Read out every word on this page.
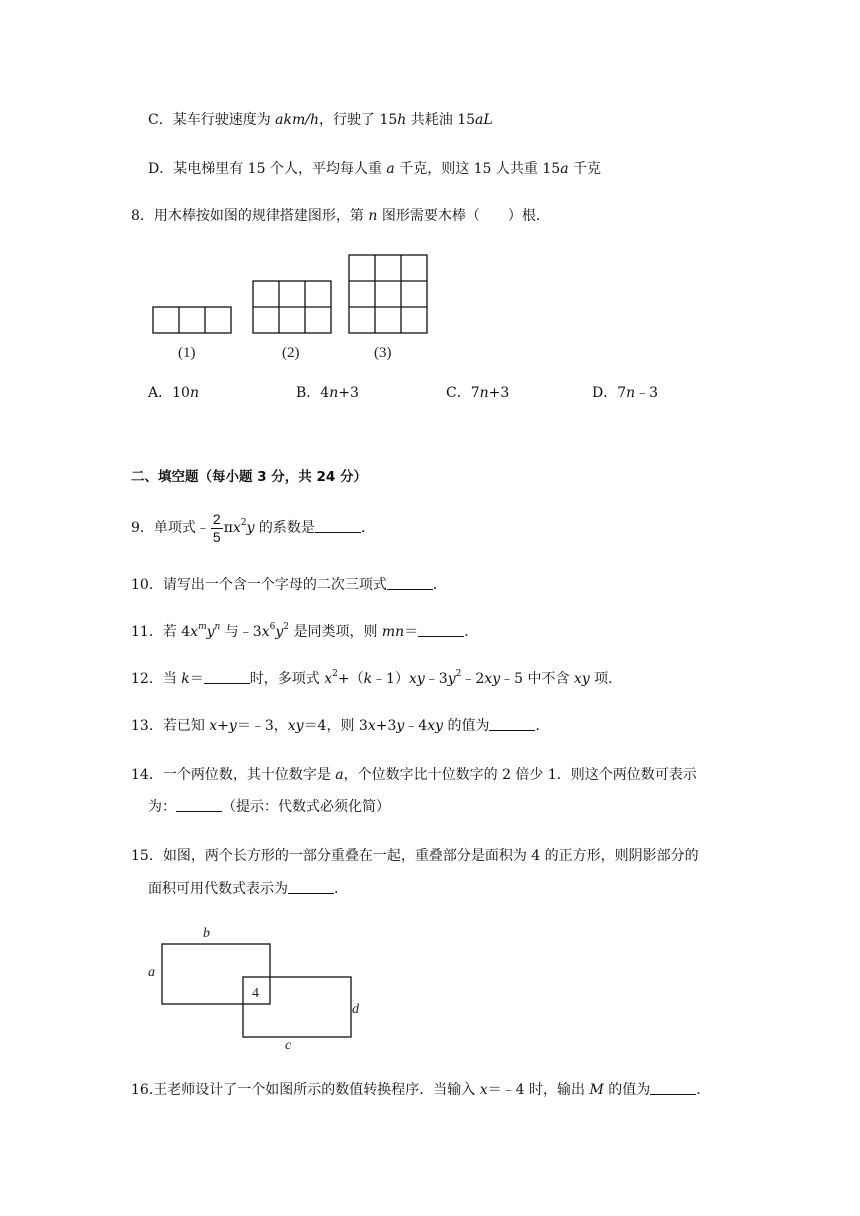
C．某车行驶速度为 akm/h，行驶了 15h 共耗油 15aL
D．某电梯里有 15 个人，平均每人重 a 千克，则这 15 人共重 15a 千克
8．用木棒按如图的规律搭建图形，第 n 图形需要木棒（　　）根．
(1)	(2)	(3)
A．10n	B．4n+3	C．7n+3	D．7n﹣3
二、填空题（每小题 3 分，共 24 分）
9．单项式﹣ $\frac{2}{5} \pi x^2y$ 的系数是	．
10．请写出一个含一个字母的二次三项式	．
11．若 $4x^my^n$ 与$﹣3x^6y^2$ 是同类项，则 mn＝	．
12．当 k＝	时，多项式 $x^2+(k﹣1)xy﹣3y^2﹣2xy﹣5$ 中不含 xy 项．
13．若已知 x+y＝﹣3，xy＝4，则 3x+3y﹣4xy 的值为	．
14．一个两位数，其十位数字是 a，个位数字比十位数字的 2 倍少 1．则这个两位数可表示
为：	（提示：代数式必须化简）
15．如图，两个长方形的一部分重叠在一起，重叠部分是面积为 4 的正方形，则阴影部分的
面积可用代数式表示为	．
b
a
d
c
4
16.王老师设计了一个如图所示的数值转换程序．当输入 x＝﹣4 时，输出 M 的值为	．
